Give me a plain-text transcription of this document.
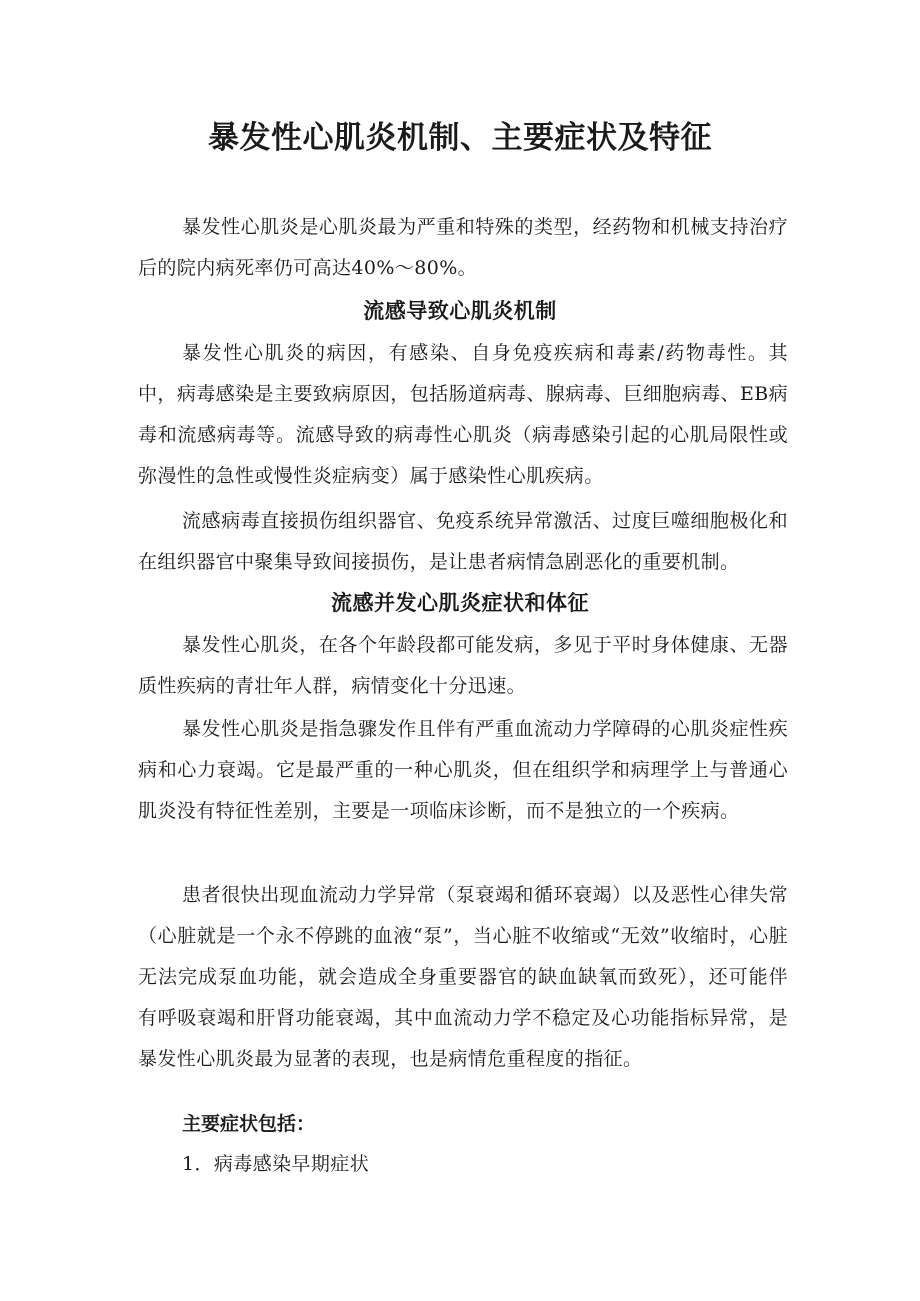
暴发性心肌炎机制、主要症状及特征

暴发性心肌炎是心肌炎最为严重和特殊的类型，经药物和机械支持治疗后的院内病死率仍可高达40%～80%。

流感导致心肌炎机制

暴发性心肌炎的病因，有感染、自身免疫疾病和毒素/药物毒性。其中，病毒感染是主要致病原因，包括肠道病毒、腺病毒、巨细胞病毒、EB病毒和流感病毒等。流感导致的病毒性心肌炎（病毒感染引起的心肌局限性或弥漫性的急性或慢性炎症病变）属于感染性心肌疾病。

流感病毒直接损伤组织器官、免疫系统异常激活、过度巨噬细胞极化和在组织器官中聚集导致间接损伤，是让患者病情急剧恶化的重要机制。

流感并发心肌炎症状和体征

暴发性心肌炎，在各个年龄段都可能发病，多见于平时身体健康、无器质性疾病的青壮年人群，病情变化十分迅速。

暴发性心肌炎是指急骤发作且伴有严重血流动力学障碍的心肌炎症性疾病和心力衰竭。它是最严重的一种心肌炎，但在组织学和病理学上与普通心肌炎没有特征性差别，主要是一项临床诊断，而不是独立的一个疾病。

患者很快出现血流动力学异常（泵衰竭和循环衰竭）以及恶性心律失常（心脏就是一个永不停跳的血液“泵”，当心脏不收缩或“无效”收缩时，心脏无法完成泵血功能，就会造成全身重要器官的缺血缺氧而致死），还可能伴有呼吸衰竭和肝肾功能衰竭，其中血流动力学不稳定及心功能指标异常，是暴发性心肌炎最为显著的表现，也是病情危重程度的指征。

主要症状包括：

1．病毒感染早期症状
